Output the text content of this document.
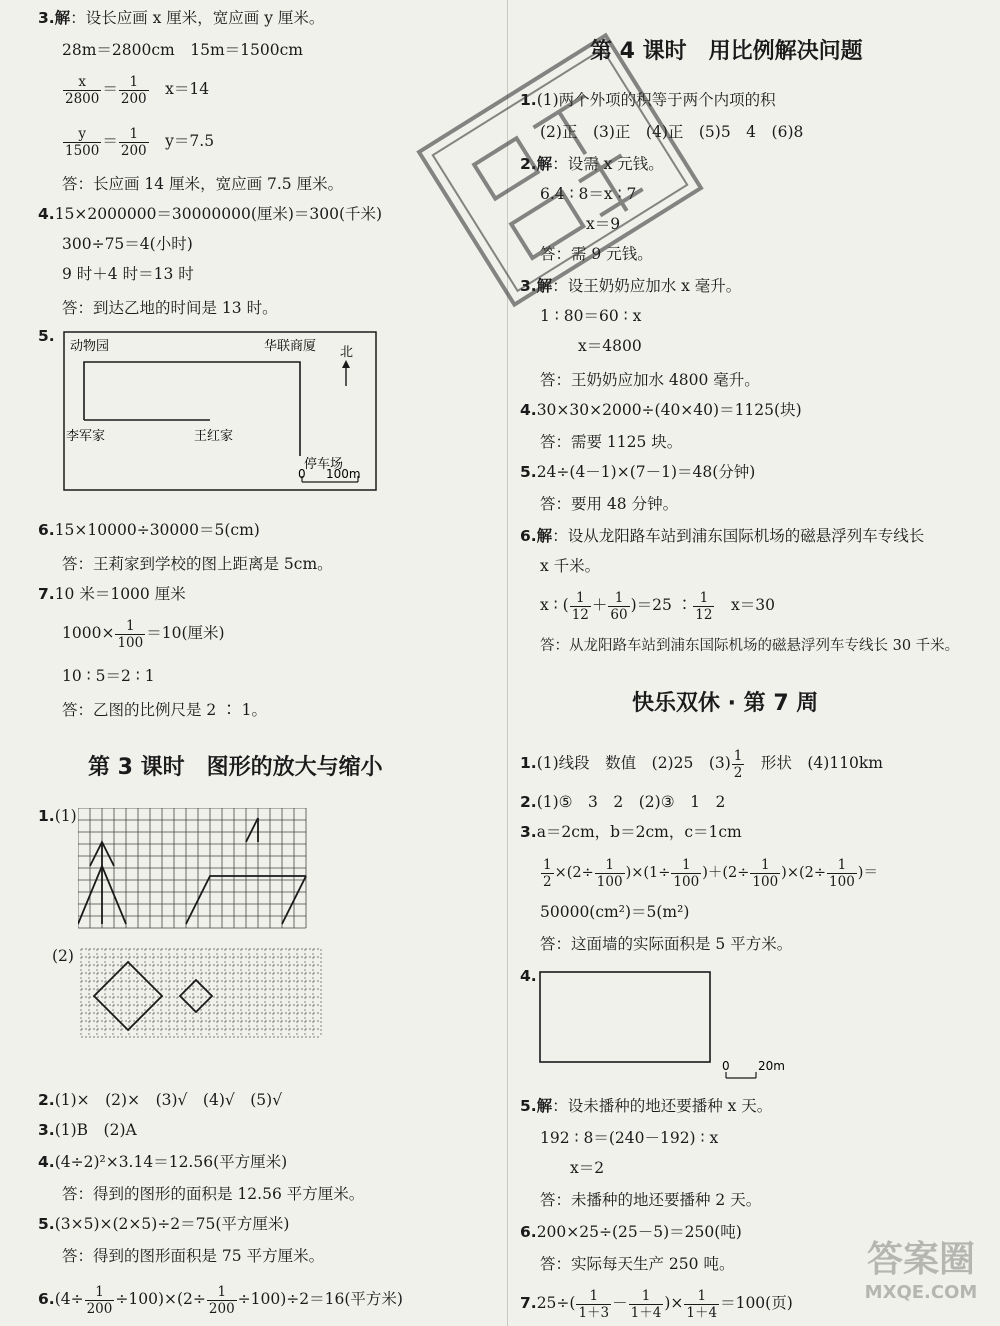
3.解：设长应画 x 厘米，宽应画 y 厘米。
28m＝2800cm　15m＝1500cm
$\frac{x}{2800} = \frac{1}{200}$
　 x＝14
$\frac{y}{1500} = \frac{1}{200}$
　 y＝7.5
答：长应画 14 厘米，宽应画 7.5 厘米。
4.15×2000000＝30000000(厘米)＝300(千米)
300÷75＝4(小时)
9 时＋4 时＝13 时
答：到达乙地的时间是 13 时。
5.
动物园	华联商厦 北
李军家	王红家
停车场
0 100m
6.15×10000÷30000＝5(cm)
答：王莉家到学校的图上距离是 5cm。
7.10 米＝1000 厘米
$1000\times \frac{1}{100} =10$(厘米)
10 ∶ 5＝2 ∶ 1
答：乙图的比例尺是 2 ∶ 1。
第 3 课时　图形的放大与缩小
1.(1)
(2)
2.(1)×　(2)×　(3)√　(4)√　(5)√
3.(1)B　(2)A
4.(4÷2)²×3.14＝12.56(平方厘米)
答：得到的图形的面积是 12.56 平方厘米。
5.(3×5)×(2×5)÷2＝75(平方厘米)
答：得到的图形面积是 75 平方厘米。
$6.(4\div \frac{1}{200} \div 100)\times(2\div \frac{1}{200} \div 100)\div 2=16$(平方米)
第 4 课时　用比例解决问题
1.(1)两个外项的积等于两个内项的积
(2)正　(3)正　(4)正　(5)5　4　(6)8
2.解：设需 x 元钱。
6.4 ∶ 8＝x ∶ 7
x＝9
答：需 9 元钱。
3.解：设王奶奶应加水 x 毫升。
1 ∶ 80＝60 ∶ x
x＝4800
答：王奶奶应加水 4800 毫升。
4.30×30×2000÷(40×40)＝1125(块)
答：需要 1125 块。
5.24÷(4－1)×(7－1)＝48(分钟)
答：要用 48 分钟。
6.解：设从龙阳路车站到浦东国际机场的磁悬浮列车专线长
x 千米。
x ∶ ( $\frac{1}{12} + \frac{1}{60} )=25$ ∶ $\frac{1}{12}$
　 x＝30
答：从龙阳路车站到浦东国际机场的磁悬浮列车专线长 30 千米。
快乐双休 · 第 7 周
1.(1)线段　数值　(2)25　$(3) \frac{1}{2}$ 　形状　(4)110km
2.(1)⑤　3　2　(2)③　1　2
3.a＝2cm，b＝2cm，c＝1cm
$\frac{1}{2} \times(2\div \frac{1}{100} )\times(1\div \frac{1}{100} )+(2\div \frac{1}{100} )\times(2\div \frac{1}{100}$ )＝
50000(cm²)＝5(m²)
答：这面墙的实际面积是 5 平方米。
4.
0 20m
5.解：设未播种的地还要播种 x 天。
192 ∶ 8＝(240－192) ∶ x
x＝2
答：未播种的地还要播种 2 天。
6.200×25÷(25－5)＝250(吨)
答：实际每天生产 250 吨。
$7.25\div( \frac{1}{1+3} - \frac{1}{1+4}$ )× $\frac{1}{1+4} =100$(页)
答案圈
MXQE.COM
